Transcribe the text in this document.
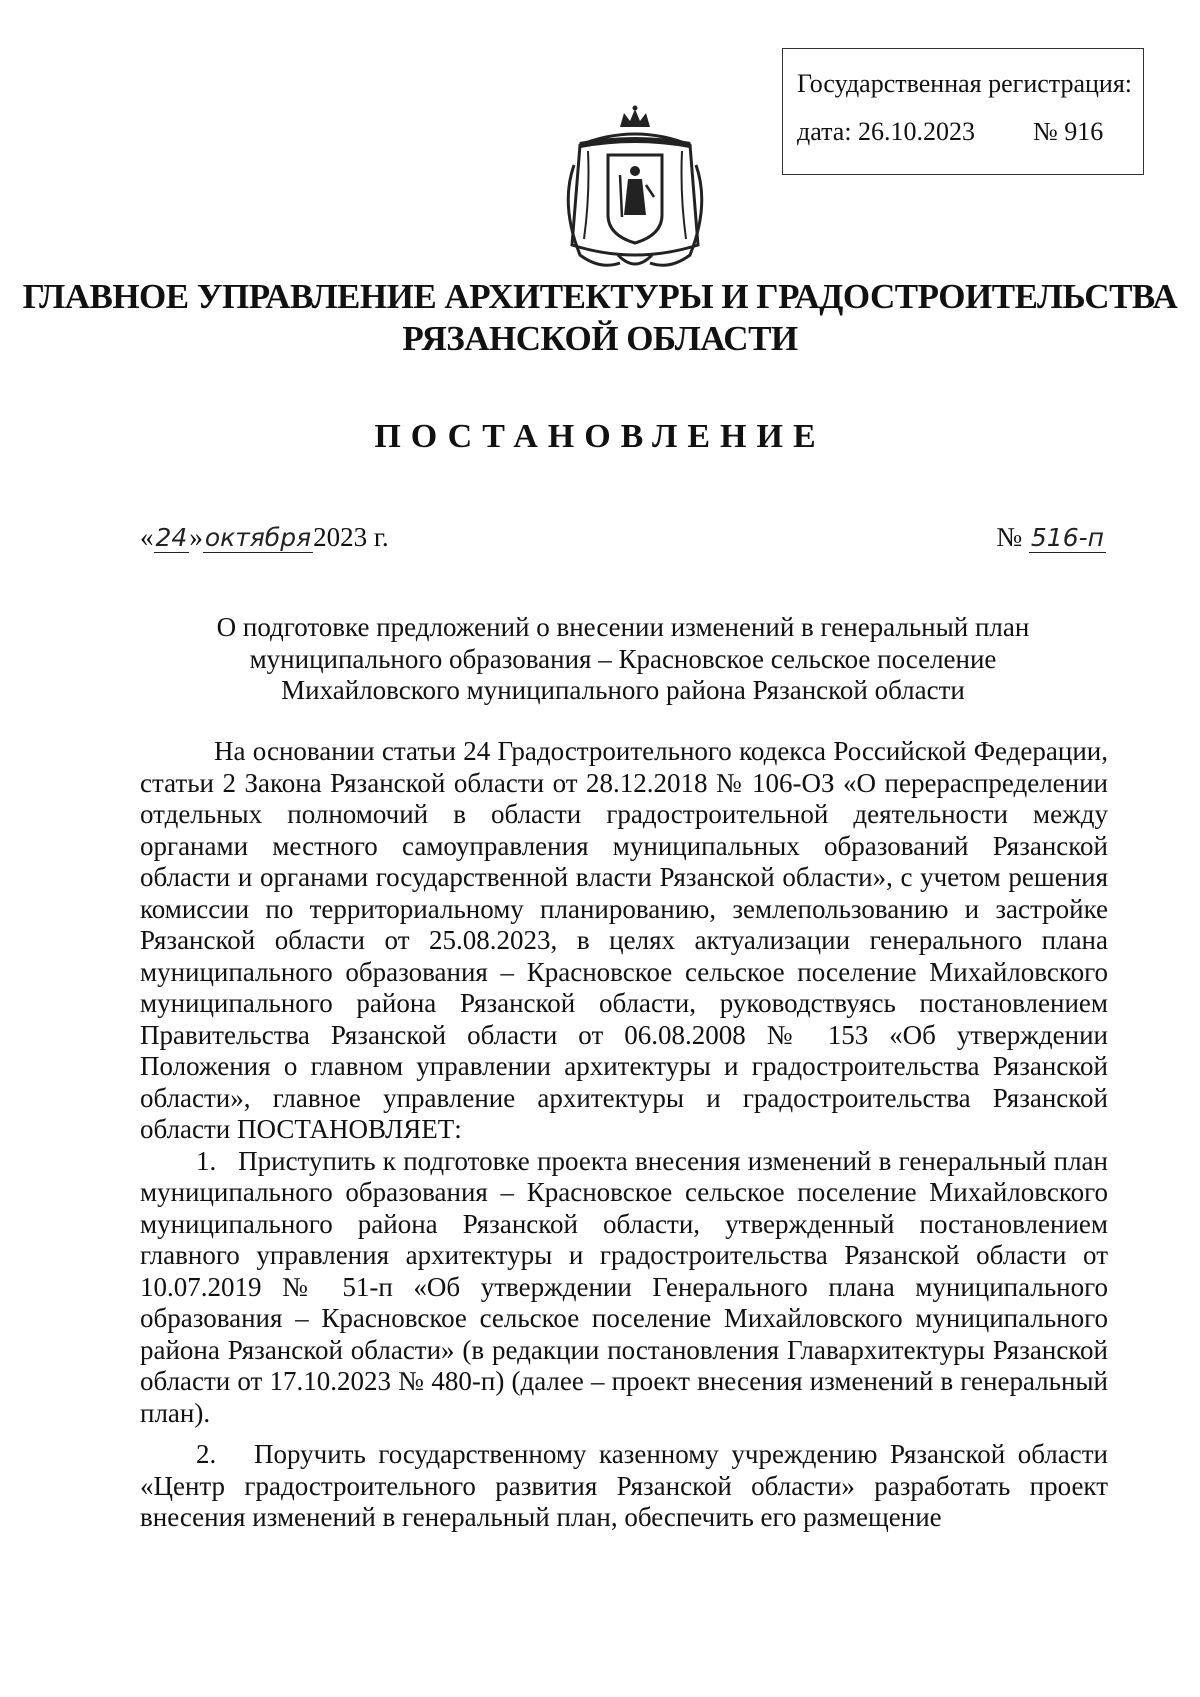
Государственная регистрация:
дата: 26.10.2023 № 916
ГЛАВНОЕ УПРАВЛЕНИЕ АРХИТЕКТУРЫ И ГРАДОСТРОИТЕЛЬСТВА
РЯЗАНСКОЙ ОБЛАСТИ
ПОСТАНОВЛЕНИЕ
«24»октября2023 г.	№ 516-п
О подготовке предложений о внесении изменений в генеральный план
муниципального образования – Красновское сельское поселение
Михайловского муниципального района Рязанской области

На основании статьи 24 Градостроительного кодекса Российской Федерации, статьи 2 Закона Рязанской области от 28.12.2018 № 106-ОЗ «О перераспределении отдельных полномочий в области градостроительной деятельности между органами местного самоуправления муниципальных образований Рязанской области и органами государственной власти Рязанской области», с учетом решения комиссии по территориальному планированию, землепользованию и застройке Рязанской области от 25.08.2023, в целях актуализации генерального плана муниципального образования – Красновское сельское поселение Михайловского муниципального района Рязанской области, руководствуясь постановлением Правительства Рязанской области от 06.08.2008 № 153 «Об утверждении Положения о главном управлении архитектуры и градостроительства Рязанской области», главное управление архитектуры и градостроительства Рязанской области ПОСТАНОВЛЯЕТ:

1.   Приступить к подготовке проекта внесения изменений в генеральный план муниципального образования – Красновское сельское поселение Михайловского муниципального района Рязанской области, утвержденный постановлением главного управления архитектуры и градостроительства Рязанской области от 10.07.2019 № 51-п «Об утверждении Генерального плана муниципального образования – Красновское сельское поселение Михайловского муниципального района Рязанской области» (в редакции постановления Главархитектуры Рязанской области от 17.10.2023 № 480-п) (далее – проект внесения изменений в генеральный план).

2.   Поручить государственному казенному учреждению Рязанской области «Центр градостроительного развития Рязанской области» разработать проект внесения изменений в генеральный план, обеспечить его размещение
